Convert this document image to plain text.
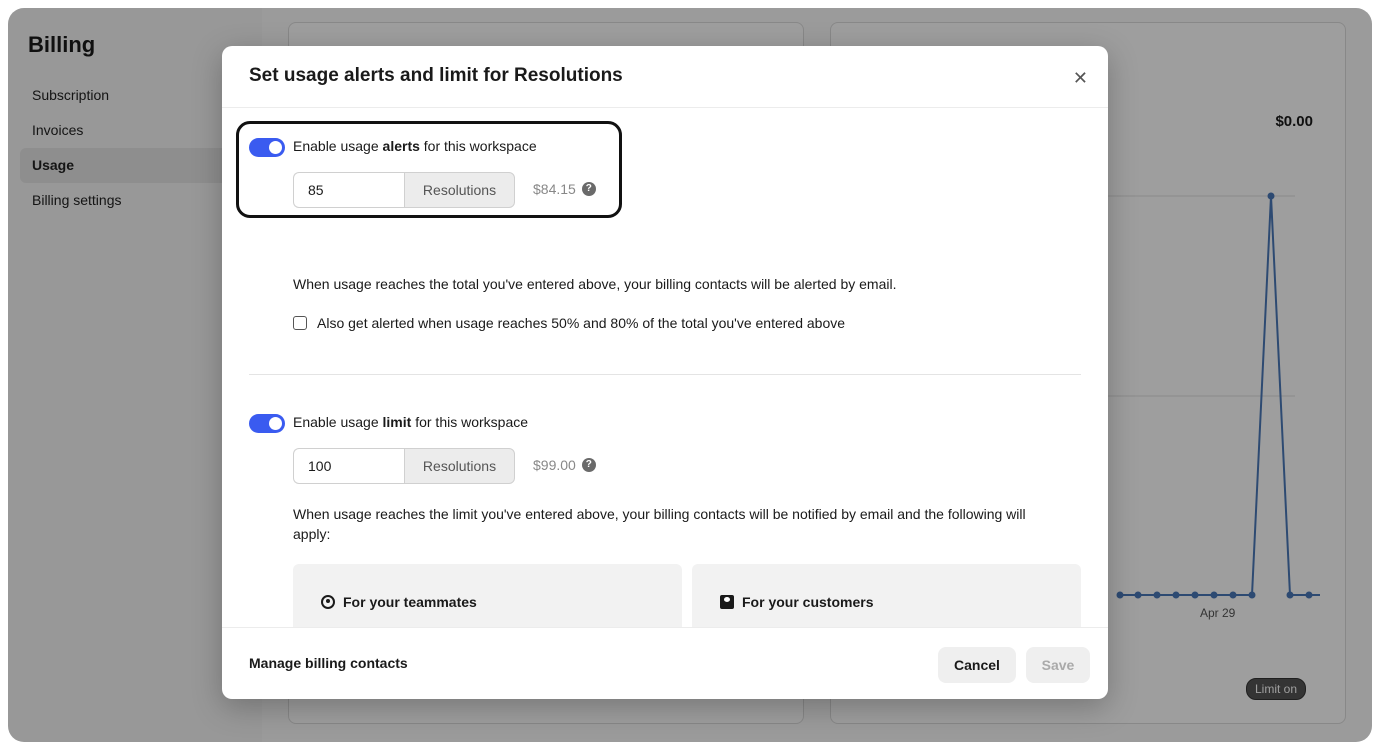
Billing
Subscription
Invoices
Usage
Billing settings
$0.00
Apr 29
Limit on
Set usage alerts and limit for Resolutions	✕
Enable usage alerts for this workspace
85	Resolutions	$84.15 ?
When usage reaches the total you've entered above, your billing contacts will be alerted by email.
Also get alerted when usage reaches 50% and 80% of the total you've entered above
Enable usage limit for this workspace
100	Resolutions	$99.00 ?
When usage reaches the limit you've entered above, your billing contacts will be notified by email and the following will apply:
For your teammates	For your customers
Manage billing contacts	Cancel	Save
